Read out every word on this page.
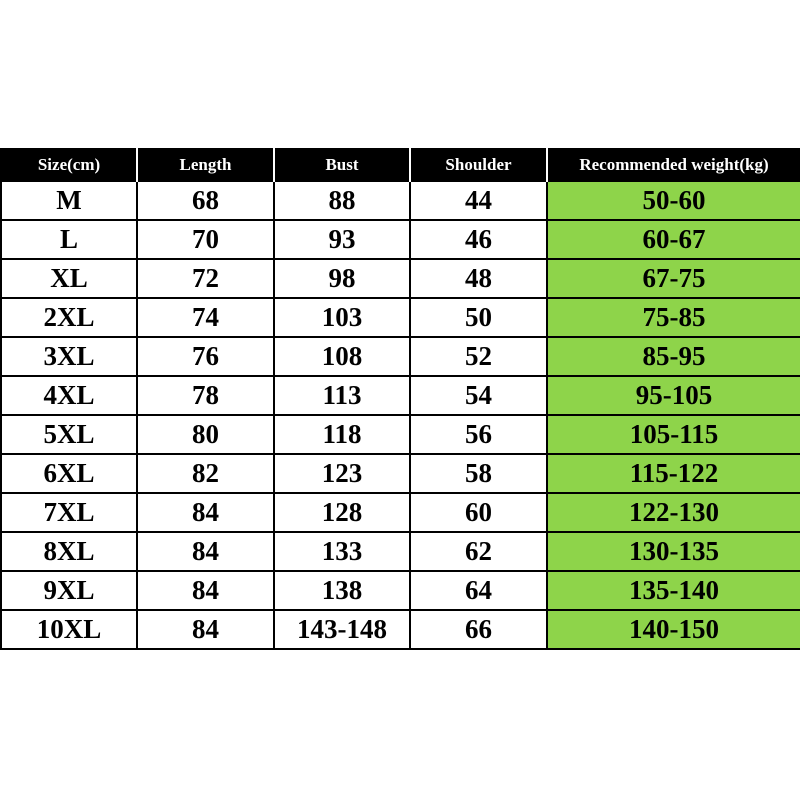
Size(cm)	Length	Bust	Shoulder	Recommended weight(kg)
M	68	88	44	50-60
L	70	93	46	60-67
XL	72	98	48	67-75
2XL	74	103	50	75-85
3XL	76	108	52	85-95
4XL	78	113	54	95-105
5XL	80	118	56	105-115
6XL	82	123	58	115-122
7XL	84	128	60	122-130
8XL	84	133	62	130-135
9XL	84	138	64	135-140
10XL	84	143-148	66	140-150
